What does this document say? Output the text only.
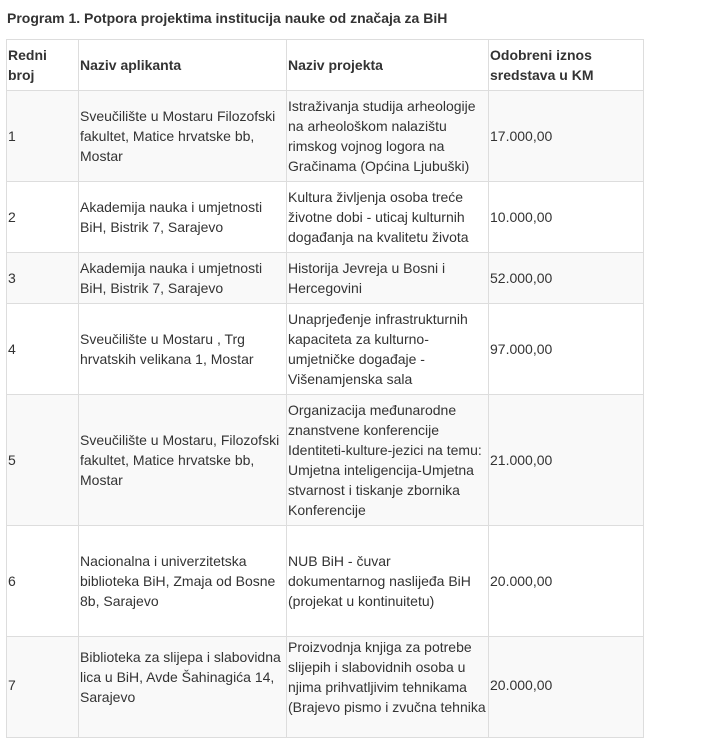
Program 1. Potpora projektima institucija nauke od značaja za BiH
Redni broj	Naziv aplikanta	Naziv projekta	Odobreni iznos sredstava u KM
1	Sveučilište u Mostaru Filozofski fakultet, Matice hrvatske bb, Mostar	Istraživanja studija arheologije na arheološkom nalazištu rimskog vojnog logora na Gračinama (Općina Ljubuški)	17.000,00
2	Akademija nauka i umjetnosti BiH, Bistrik 7, Sarajevo	Kultura življenja osoba treće životne dobi - uticaj kulturnih događanja na kvalitetu života	10.000,00
3	Akademija nauka i umjetnosti BiH, Bistrik 7, Sarajevo	Historija Jevreja u Bosni i Hercegovini	52.000,00
4	Sveučilište u Mostaru , Trg hrvatskih velikana 1, Mostar	Unaprjeđenje infrastrukturnih kapaciteta za kulturno-umjetničke događaje - Višenamjenska sala	97.000,00
5	Sveučilište u Mostaru, Filozofski fakultet, Matice hrvatske bb, Mostar	Organizacija međunarodne znanstvene konferencije Identiteti-kulture-jezici na temu: Umjetna inteligencija-Umjetna stvarnost i tiskanje zbornika Konferencije	21.000,00
6	Nacionalna i univerzitetska biblioteka BiH, Zmaja od Bosne 8b, Sarajevo	NUB BiH - čuvar dokumentarnog naslijeđa BiH (projekat u kontinuitetu)	20.000,00

7	Biblioteka za slijepa i slabovidna lica u BiH, Avde Šahinagića 14, Sarajevo	Proizvodnja knjiga za potrebe slijepih i slabovidnih osoba u njima prihvatljivim tehnikama (Brajevo pismo i zvučna tehnika	20.000,00
